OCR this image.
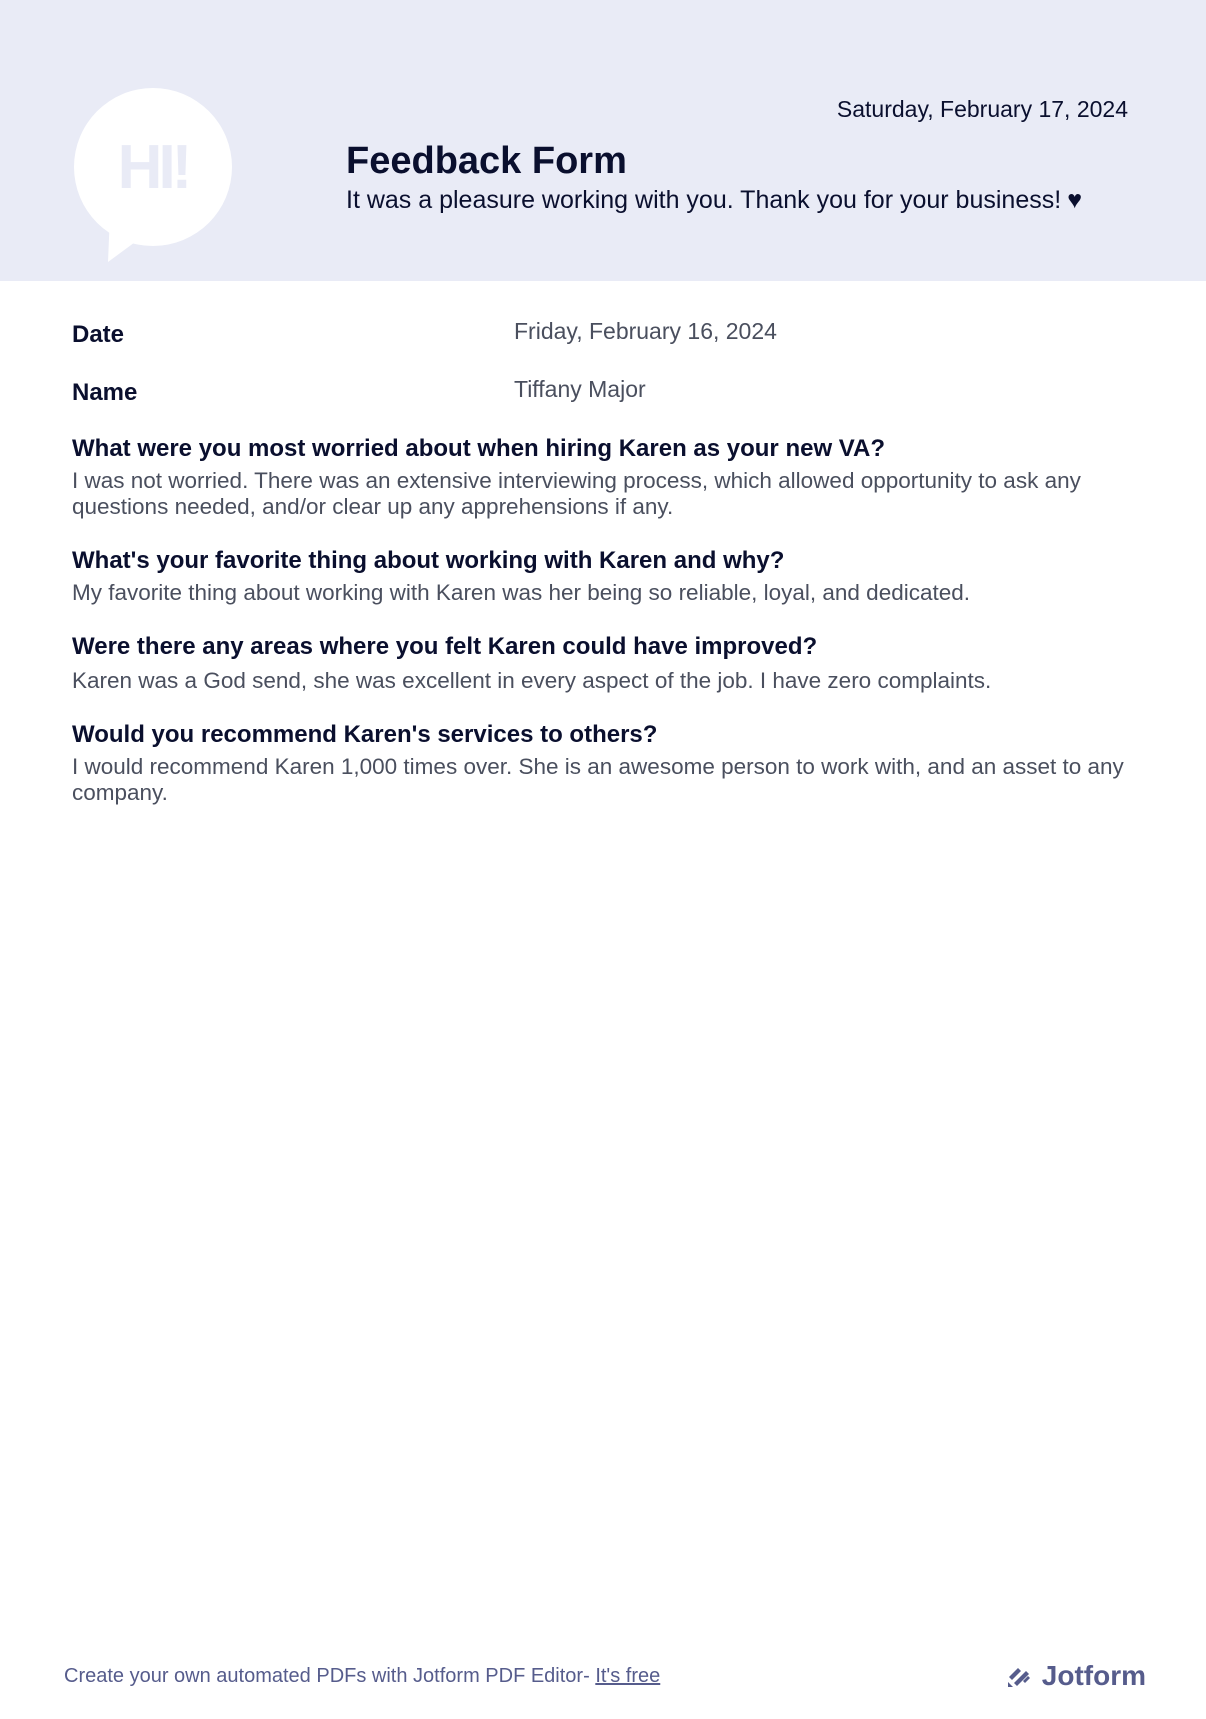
HI!
Saturday, February 17, 2024
Feedback Form
It was a pleasure working with you. Thank you for your business! ♥
Date	Friday, February 16, 2024
Name	Tiffany Major

What were you most worried about when hiring Karen as your new VA?

I was not worried. There was an extensive interviewing process, which allowed opportunity to ask any questions needed, and/or clear up any apprehensions if any.

What's your favorite thing about working with Karen and why?

My favorite thing about working with Karen was her being so reliable, loyal, and dedicated.

Were there any areas where you felt Karen could have improved?

Karen was a God send, she was excellent in every aspect of the job. I have zero complaints.

Would you recommend Karen's services to others?

I would recommend Karen 1,000 times over. She is an awesome person to work with, and an asset to any company.

Create your own automated PDFs with Jotform PDF Editor- It's free	Jotform
